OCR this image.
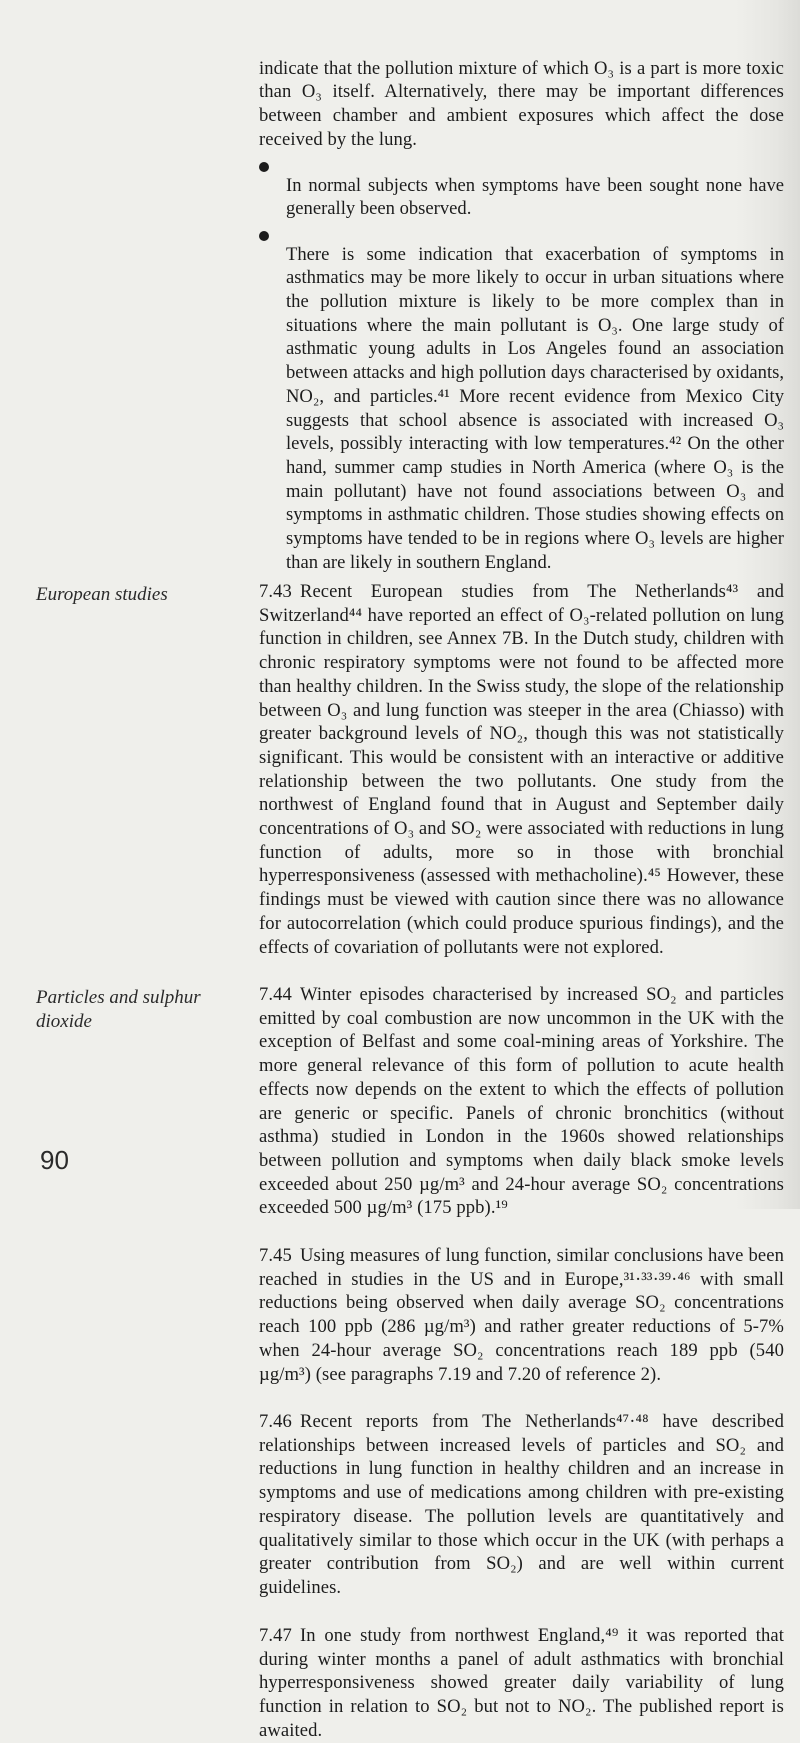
indicate that the pollution mixture of which O₃ is a part is more toxic than O₃ itself. Alternatively, there may be important differences between chamber and ambient exposures which affect the dose received by the lung.

In normal subjects when symptoms have been sought none have generally been observed.

There is some indication that exacerbation of symptoms in asthmatics may be more likely to occur in urban situations where the pollution mixture is likely to be more complex than in situations where the main pollutant is O₃. One large study of asthmatic young adults in Los Angeles found an association between attacks and high pollution days characterised by oxidants, NO₂, and particles.⁴¹ More recent evidence from Mexico City suggests that school absence is associated with increased O₃ levels, possibly interacting with low temperatures.⁴² On the other hand, summer camp studies in North America (where O₃ is the main pollutant) have not found associations between O₃ and symptoms in asthmatic children. Those studies showing effects on symptoms have tended to be in regions where O₃ levels are higher than are likely in southern England.

European studies	7.43 Recent European studies from The Netherlands⁴³ and Switzerland⁴⁴ have reported an effect of O₃-related pollution on lung function in children, see Annex 7B. In the Dutch study, children with chronic respiratory symptoms were not found to be affected more than healthy children. In the Swiss study, the slope of the relationship between O₃ and lung function was steeper in the area (Chiasso) with greater background levels of NO₂, though this was not statistically significant. This would be consistent with an interactive or additive relationship between the two pollutants. One study from the northwest of England found that in August and September daily concentrations of O₃ and SO₂ were associated with reductions in lung function of adults, more so in those with bronchial hyperresponsiveness (assessed with methacholine).⁴⁵ However, these findings must be viewed with caution since there was no allowance for autocorrelation (which could produce spurious findings), and the effects of covariation of pollutants were not explored.

Particles and sulphur dioxide

7.44 Winter episodes characterised by increased SO₂ and particles emitted by coal combustion are now uncommon in the UK with the exception of Belfast and some coal-mining areas of Yorkshire. The more general relevance of this form of pollution to acute health effects now depends on the extent to which the effects of pollution are generic or specific. Panels of chronic bronchitics (without asthma) studied in London in the 1960s showed relationships between pollution and symptoms when daily black smoke levels exceeded about 250 µg/m³ and 24-hour average SO₂ concentrations exceeded 500 µg/m³ (175 ppb).¹⁹

7.45 Using measures of lung function, similar conclusions have been reached in studies in the US and in Europe,³¹·³³·³⁹·⁴⁶ with small reductions being observed when daily average SO₂ concentrations reach 100 ppb (286 µg/m³) and rather greater reductions of 5-7% when 24-hour average SO₂ concentrations reach 189 ppb (540 µg/m³) (see paragraphs 7.19 and 7.20 of reference 2).

7.46 Recent reports from The Netherlands⁴⁷·⁴⁸ have described relationships between increased levels of particles and SO₂ and reductions in lung function in healthy children and an increase in symptoms and use of medications among children with pre-existing respiratory disease. The pollution levels are quantitatively and qualitatively similar to those which occur in the UK (with perhaps a greater contribution from SO₂) and are well within current guidelines.

7.47 In one study from northwest England,⁴⁹ it was reported that during winter months a panel of adult asthmatics with bronchial hyperresponsiveness showed greater daily variability of lung function in relation to SO₂ but not to NO₂. The published report is awaited.

90
